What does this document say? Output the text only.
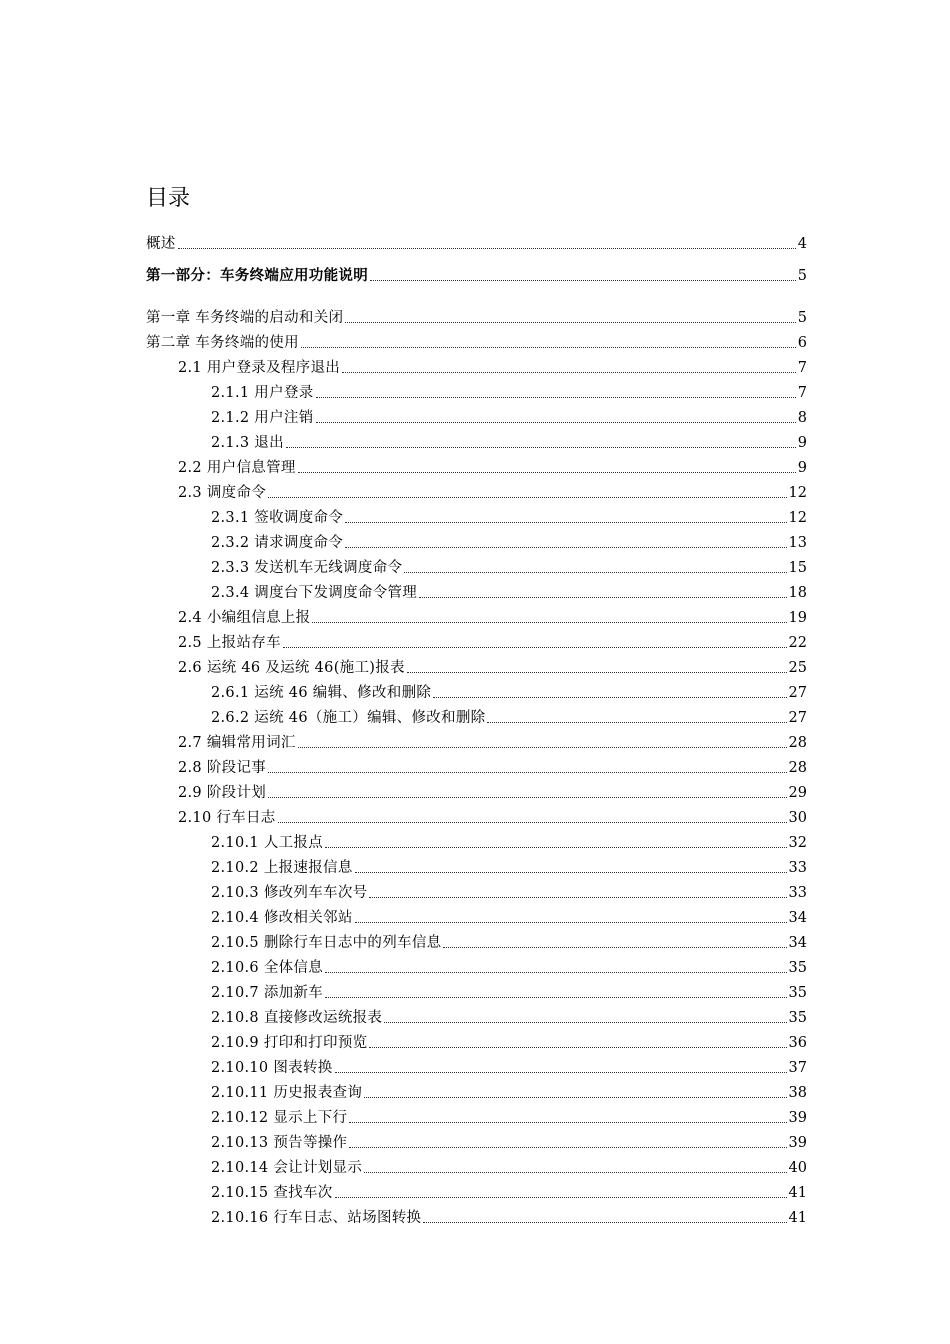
目录
概述	4
第一部分：车务终端应用功能说明	5
第一章 车务终端的启动和关闭	5
第二章 车务终端的使用	6
2.1 用户登录及程序退出	7
2.1.1 用户登录	7
2.1.2 用户注销	8
2.1.3 退出	9
2.2 用户信息管理	9
2.3 调度命令	12
2.3.1 签收调度命令	12
2.3.2 请求调度命令	13
2.3.3 发送机车无线调度命令	15
2.3.4 调度台下发调度命令管理	18
2.4 小编组信息上报	19
2.5 上报站存车	22
2.6 运统 46 及运统 46(施工)报表	25
2.6.1 运统 46 编辑、修改和删除	27
2.6.2 运统 46（施工）编辑、修改和删除	27
2.7 编辑常用词汇	28
2.8 阶段记事	28
2.9 阶段计划	29
2.10 行车日志	30
2.10.1 人工报点	32
2.10.2 上报速报信息	33
2.10.3 修改列车车次号	33
2.10.4 修改相关邻站	34
2.10.5 删除行车日志中的列车信息	34
2.10.6 全体信息	35
2.10.7 添加新车	35
2.10.8 直接修改运统报表	35
2.10.9 打印和打印预览	36
2.10.10 图表转换	37
2.10.11 历史报表查询	38
2.10.12 显示上下行	39
2.10.13 预告等操作	39
2.10.14 会让计划显示	40
2.10.15 查找车次	41
2.10.16 行车日志、站场图转换	41
